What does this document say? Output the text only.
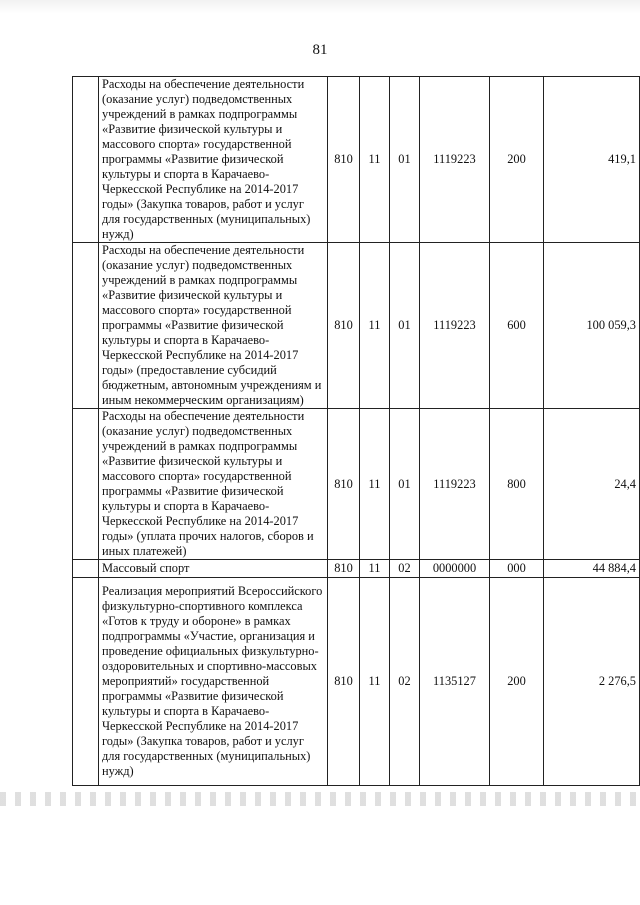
81
	Расходы на обеспечение деятельности (оказание услуг) подведомственных учреждений в рамках подпрограммы «Развитие физической культуры и массового спорта» государственной программы «Развитие физической культуры и спорта в Карачаево-Черкесской Республике на 2014-2017 годы» (Закупка товаров, работ и услуг для государственных (муниципальных) нужд)	810	11	01	1119223	200	419,1
	Расходы на обеспечение деятельности (оказание услуг) подведомственных учреждений в рамках подпрограммы «Развитие физической культуры и массового спорта» государственной программы «Развитие физической культуры и спорта в Карачаево-Черкесской Республике на 2014-2017 годы» (предоставление субсидий бюджетным, автономным учреждениям и иным некоммерческим организациям)	810	11	01	1119223	600	100 059,3
	Расходы на обеспечение деятельности (оказание услуг) подведомственных учреждений в рамках подпрограммы «Развитие физической культуры и массового спорта» государственной программы «Развитие физической культуры и спорта в Карачаево-Черкесской Республике на 2014-2017 годы» (уплата прочих налогов, сборов и иных платежей)	810	11	01	1119223	800	24,4
	Массовый спорт	810	11	02	0000000	000	44 884,4
	Реализация мероприятий Всероссийского физкультурно-спортивного комплекса «Готов к труду и обороне» в рамках подпрограммы «Участие, организация и проведение официальных физкультурно-оздоровительных и спортивно-массовых мероприятий» государственной программы «Развитие физической культуры и спорта в Карачаево-Черкесской Республике на 2014-2017 годы» (Закупка товаров, работ и услуг для государственных (муниципальных) нужд)	810	11	02	1135127	200	2 276,5
